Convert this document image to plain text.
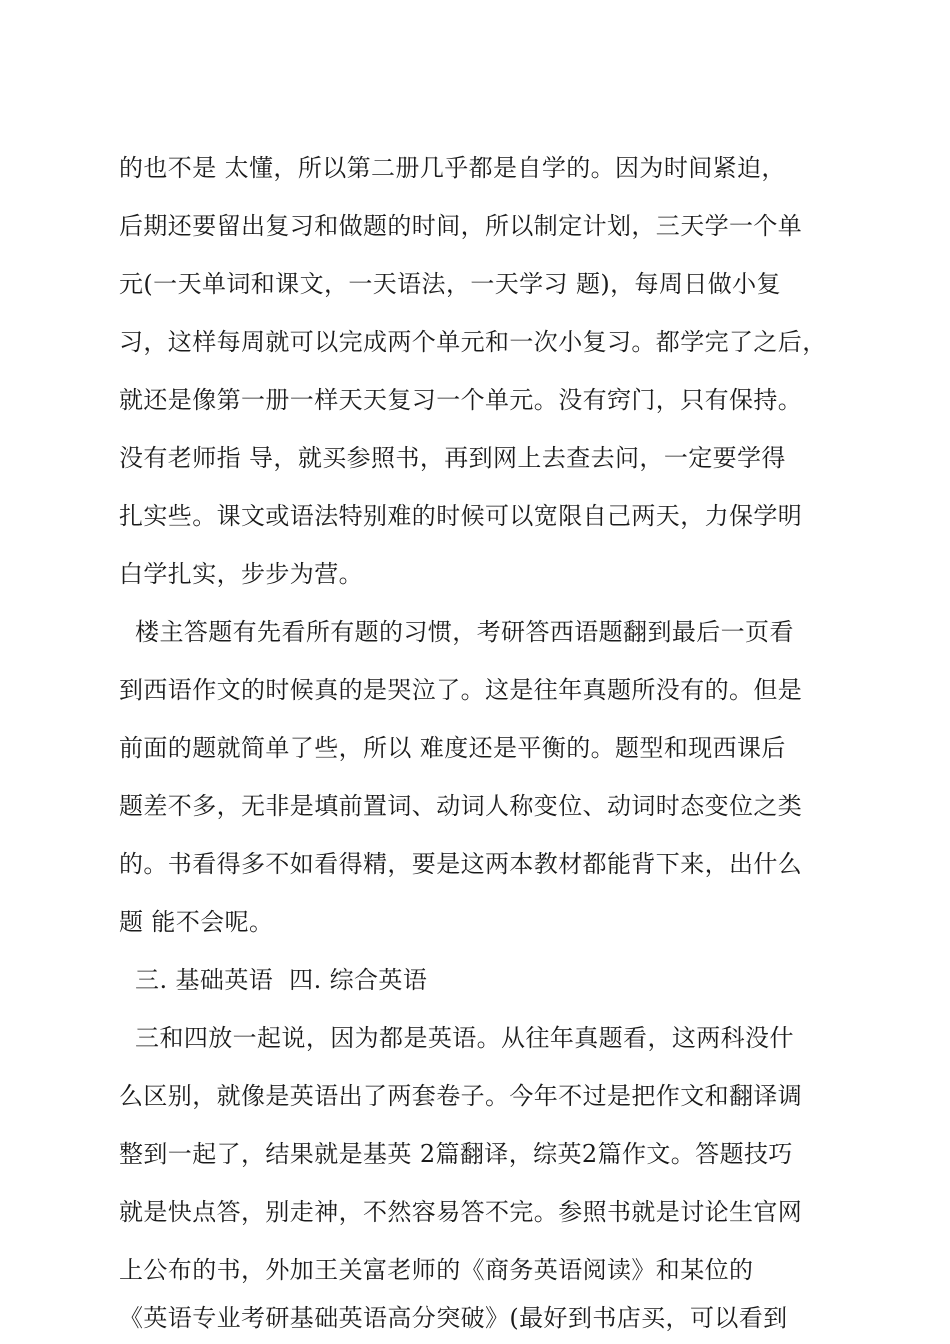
的也不是 太懂，所以第二册几乎都是自学的。因为时间紧迫，
后期还要留出复习和做题的时间，所以制定计划，三天学一个单
元(一天单词和课文，一天语法，一天学习 题)，每周日做小复
习，这样每周就可以完成两个单元和一次小复习。都学完了之后，
就还是像第一册一样天天复习一个单元。没有窍门，只有保持。
没有老师指 导，就买参照书，再到网上去查去问，一定要学得
扎实些。课文或语法特别难的时候可以宽限自己两天，力保学明
白学扎实，步步为营。
楼主答题有先看所有题的习惯，考研答西语题翻到最后一页看
到西语作文的时候真的是哭泣了。这是往年真题所没有的。但是
前面的题就简单了些，所以 难度还是平衡的。题型和现西课后
题差不多，无非是填前置词、动词人称变位、动词时态变位之类
的。书看得多不如看得精，要是这两本教材都能背下来，出什么
题 能不会呢。
三. 基础英语  四. 综合英语
三和四放一起说，因为都是英语。从往年真题看，这两科没什
么区别，就像是英语出了两套卷子。今年不过是把作文和翻译调
整到一起了，结果就是基英 2篇翻译，综英2篇作文。答题技巧
就是快点答，别走神，不然容易答不完。参照书就是讨论生官网
上公布的书，外加王关富老师的《商务英语阅读》和某位的
《英语专业考研基础英语高分突破》(最好到书店买，可以看到
